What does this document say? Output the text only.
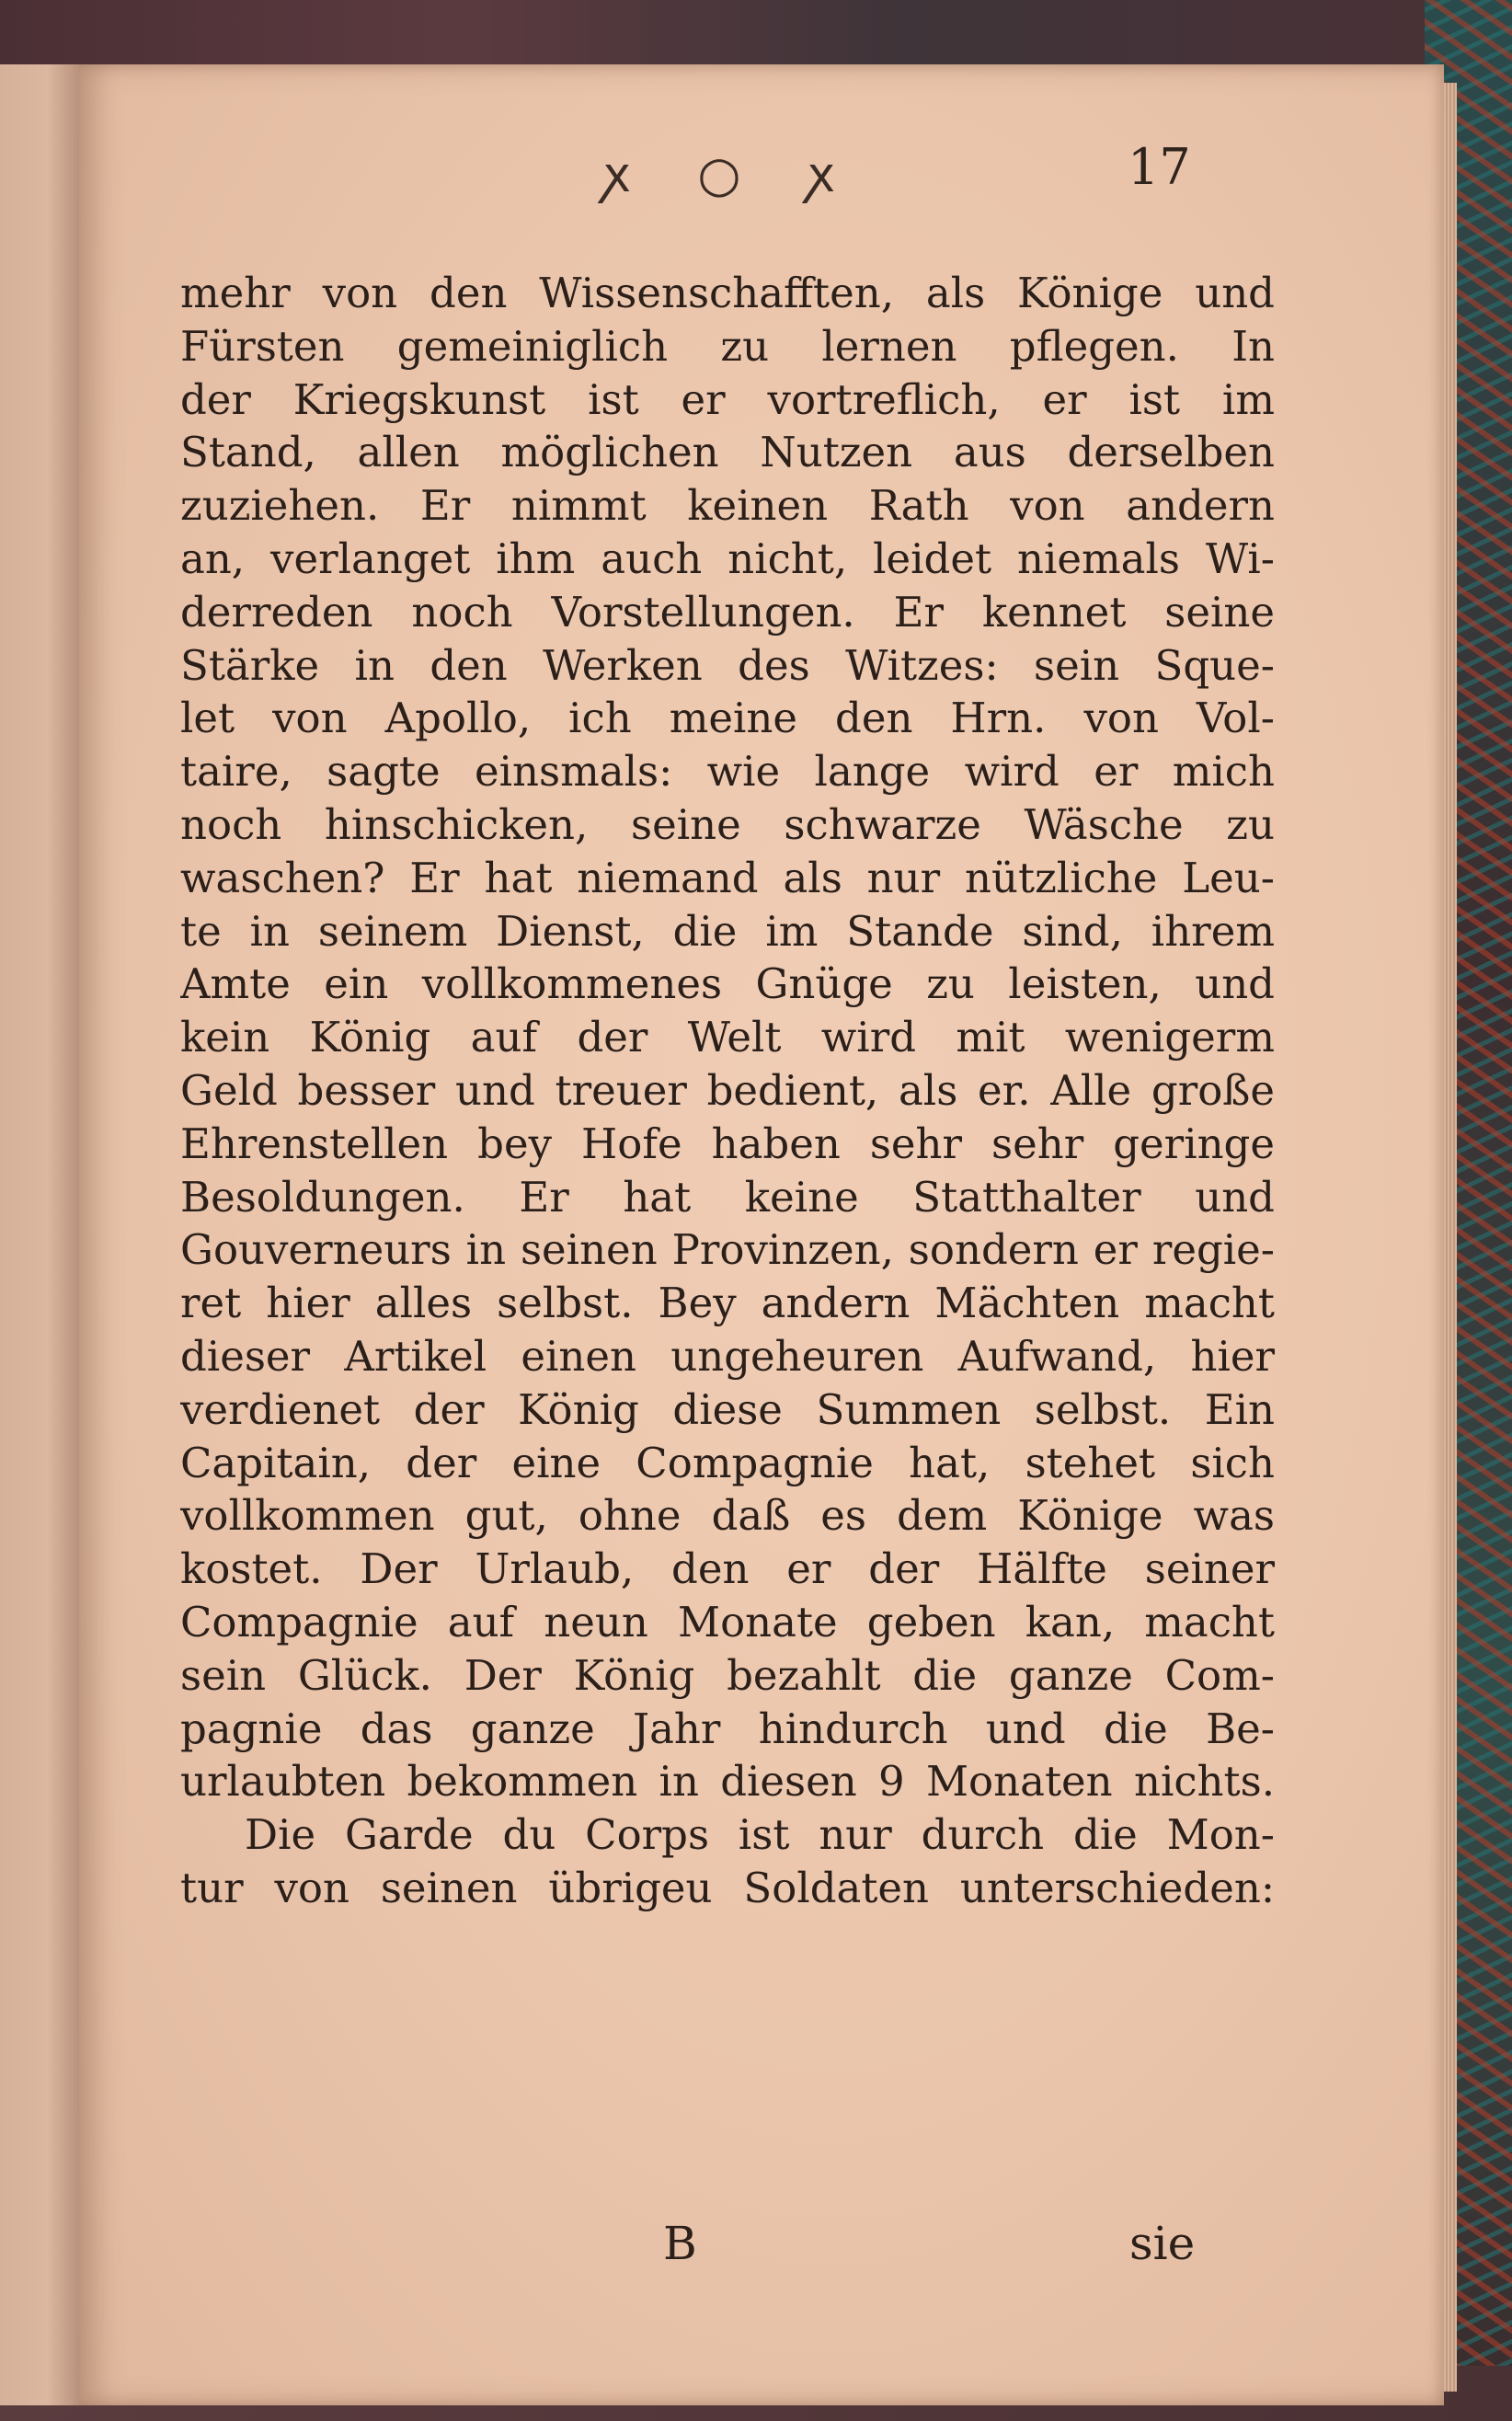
ꭗ ○ ꭗ	17
mehr von den Wissenschafften, als Könige und
Fürsten gemeiniglich zu lernen pflegen. In
der Kriegskunst ist er vortreflich, er ist im
Stand, allen möglichen Nutzen aus derselben
zuziehen. Er nimmt keinen Rath von andern
an, verlanget ihm auch nicht, leidet niemals Wi-
derreden noch Vorstellungen. Er kennet seine
Stärke in den Werken des Witzes: sein Sque-
let von Apollo, ich meine den Hrn. von Vol-
taire, sagte einsmals: wie lange wird er mich
noch hinschicken, seine schwarze Wäsche zu
waschen? Er hat niemand als nur nützliche Leu-
te in seinem Dienst, die im Stande sind, ihrem
Amte ein vollkommenes Gnüge zu leisten, und
kein König auf der Welt wird mit wenigerm
Geld besser und treuer bedient, als er. Alle große
Ehrenstellen bey Hofe haben sehr sehr geringe
Besoldungen. Er hat keine Statthalter und
Gouverneurs in seinen Provinzen, sondern er regie-
ret hier alles selbst. Bey andern Mächten macht
dieser Artikel einen ungeheuren Aufwand, hier
verdienet der König diese Summen selbst. Ein
Capitain, der eine Compagnie hat, stehet sich
vollkommen gut, ohne daß es dem Könige was
kostet. Der Urlaub, den er der Hälfte seiner
Compagnie auf neun Monate geben kan, macht
sein Glück. Der König bezahlt die ganze Com-
pagnie das ganze Jahr hindurch und die Be-
urlaubten bekommen in diesen 9 Monaten nichts.
Die Garde du Corps ist nur durch die Mon-
tur von seinen übrigeu Soldaten unterschieden:
B	sie
